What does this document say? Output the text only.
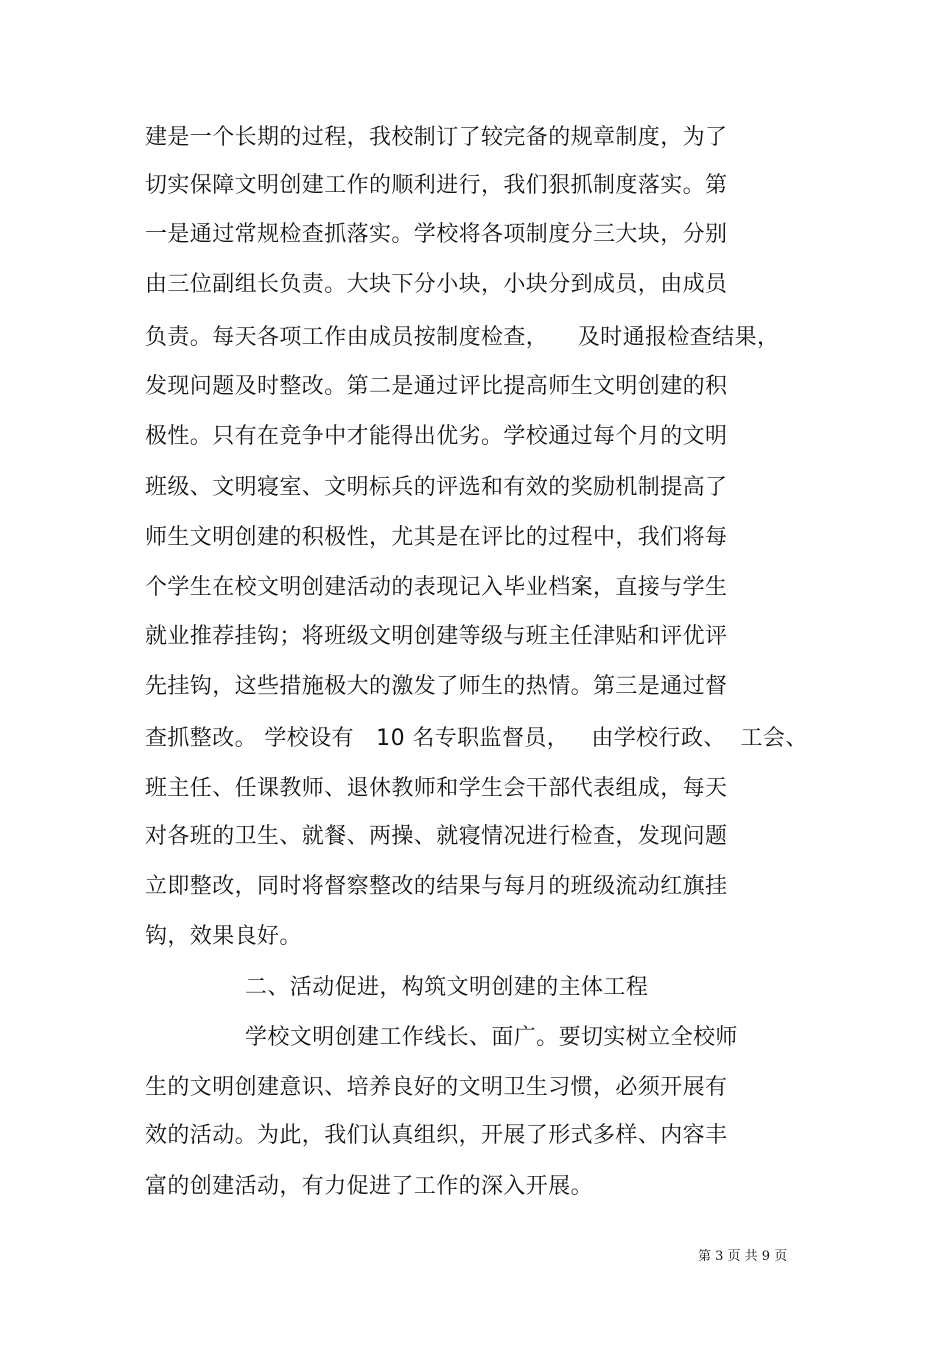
建是一个长期的过程，我校制订了较完备的规章制度，为了
切实保障文明创建工作的顺利进行，我们狠抓制度落实。第
一是通过常规检查抓落实。学校将各项制度分三大块，分别
由三位副组长负责。大块下分小块，小块分到成员，由成员
负责。每天各项工作由成员按制度检查，    及时通报检查结果，
发现问题及时整改。第二是通过评比提高师生文明创建的积
极性。只有在竞争中才能得出优劣。学校通过每个月的文明
班级、文明寝室、文明标兵的评选和有效的奖励机制提高了
师生文明创建的积极性，尤其是在评比的过程中，我们将每
个学生在校文明创建活动的表现记入毕业档案，直接与学生
就业推荐挂钩；将班级文明创建等级与班主任津贴和评优评
先挂钩，这些措施极大的激发了师生的热情。第三是通过督
查抓整改。 学校设有   10 名专职监督员，   由学校行政、  工会、
班主任、任课教师、退休教师和学生会干部代表组成，每天
对各班的卫生、就餐、两操、就寝情况进行检查，发现问题
立即整改，同时将督察整改的结果与每月的班级流动红旗挂
钩，效果良好。
二、活动促进，构筑文明创建的主体工程
学校文明创建工作线长、面广。要切实树立全校师
生的文明创建意识、培养良好的文明卫生习惯，必须开展有
效的活动。为此，我们认真组织，开展了形式多样、内容丰
富的创建活动，有力促进了工作的深入开展。
第 3 页 共 9 页
